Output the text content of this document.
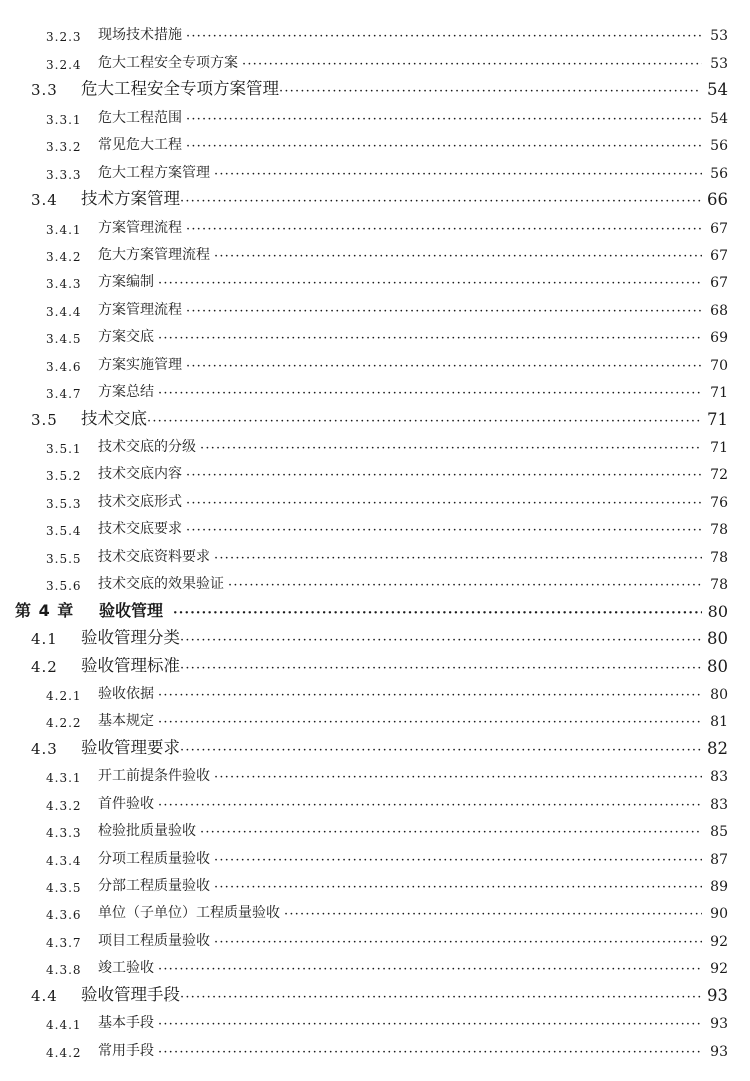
3.2.3	现场技术措施 ·····	53
3.2.4	危大工程安全专项方案 ·····	53
3.3	危大工程安全专项方案管理 ·····	54
3.3.1	危大工程范围 ·····	54
3.3.2	常见危大工程 ·····	56
3.3.3	危大工程方案管理 ·····	56
3.4	技术方案管理 ·····	66
3.4.1	方案管理流程 ·····	67
3.4.2	危大方案管理流程 ·····	67
3.4.3	方案编制 ·····	67
3.4.4	方案管理流程 ·····	68
3.4.5	方案交底 ·····	69
3.4.6	方案实施管理 ·····	70
3.4.7	方案总结 ·····	71
3.5	技术交底 ·····	71
3.5.1	技术交底的分级 ·····	71
3.5.2	技术交底内容 ·····	72
3.5.3	技术交底形式 ·····	76
3.5.4	技术交底要求 ·····	78
3.5.5	技术交底资料要求 ·····	78
3.5.6	技术交底的效果验证 ·····	78
第 4 章	验收管理 ·····	80
4.1	验收管理分类 ·····	80
4.2	验收管理标准 ·····	80
4.2.1	验收依据 ·····	80
4.2.2	基本规定 ·····	81
4.3	验收管理要求 ·····	82
4.3.1	开工前提条件验收 ·····	83
4.3.2	首件验收 ·····	83
4.3.3	检验批质量验收 ·····	85
4.3.4	分项工程质量验收 ·····	87
4.3.5	分部工程质量验收 ·····	89
4.3.6	单位（子单位）工程质量验收 ·····	90
4.3.7	项目工程质量验收 ·····	92
4.3.8	竣工验收 ·····	92
4.4	验收管理手段 ·····	93
4.4.1	基本手段 ·····	93
4.4.2	常用手段 ·····	93
